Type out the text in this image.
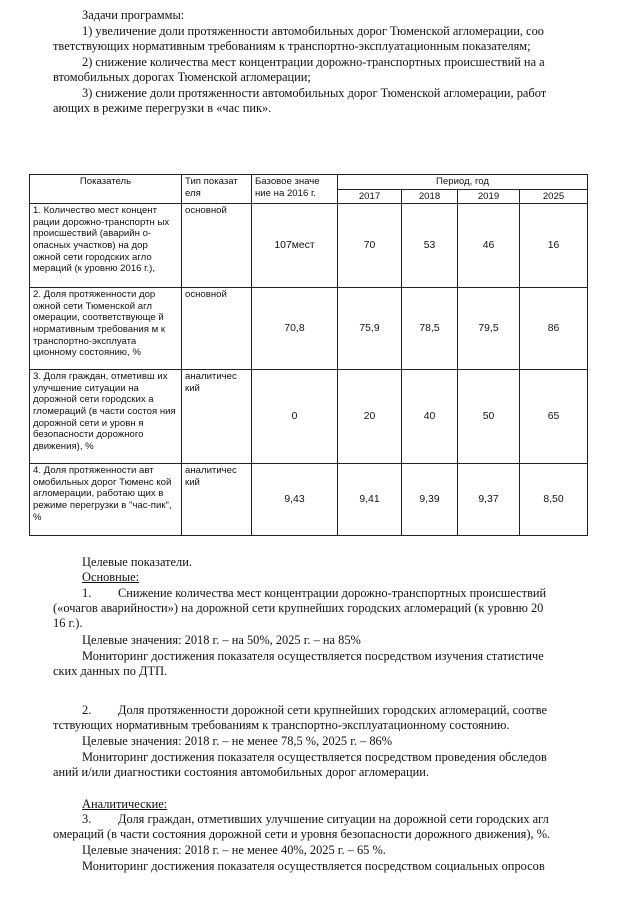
Задачи программы:
1) увеличение доли протяженности автомобильных дорог Тюменской агломерации, соо
тветствующих нормативным требованиям к транспортно-эксплуатационным показателям;
2) снижение количества мест концентрации дорожно-транспортных происшествий на а
втомобильных дорогах Тюменской агломерации;
3) снижение доли протяженности автомобильных дорог Тюменской агломерации, работ
ающих в режиме перегрузки в «час пик».
Показатель	Тип показат еля	Базовое значе ние на 2016 г.	Период, год			
			2017	2018	2019	2025
1. Количество мест концент рации дорожно-транспортн ых происшествий (аварийн о-опасных участков) на дор ожной сети городских агло мераций (к уровню 2016 г.),	основной	107мест	70	53	46	16
2. Доля протяженности дор ожной сети Тюменской агл омерации, соответствующе й нормативным требования м к транспортно-эксплуата ционному состоянию, %	основной	70,8	75,9	78,5	79,5	86
3. Доля граждан, отметивш их улучшение ситуации на дорожной сети городских а гломераций (в части состоя ния дорожной сети и уровн я безопасности дорожного движения), %	аналитичес кий	0	20	40	50	65
4. Доля протяженности авт омобильных дорог Тюменс кой агломерации, работаю щих в режиме перегрузки в "час-пик", %	аналитичес кий	9,43	9,41	9,39	9,37	8,50
Целевые показатели.
Основные:
1. Снижение количества мест концентрации дорожно-транспортных происшествий
(«очагов аварийности») на дорожной сети крупнейших городских агломераций (к уровню 20
16 г.).
Целевые значения: 2018 г. – на 50%, 2025 г. – на 85%
Мониторинг достижения показателя осуществляется посредством изучения статистиче
ских данных по ДТП.
2. Доля протяженности дорожной сети крупнейших городских агломераций, соотве
тствующих нормативным требованиям к транспортно-эксплуатационному состоянию.
Целевые значения: 2018 г. – не менее 78,5 %, 2025 г. – 86%
Мониторинг достижения показателя осуществляется посредством проведения обследов
аний и/или диагностики состояния автомобильных дорог агломерации.
Аналитические:
3. Доля граждан, отметивших улучшение ситуации на дорожной сети городских агл
омераций (в части состояния дорожной сети и уровня безопасности дорожного движения), %.
Целевые значения: 2018 г. – не менее 40%, 2025 г. – 65 %.
Мониторинг достижения показателя осуществляется посредством социальных опросов
